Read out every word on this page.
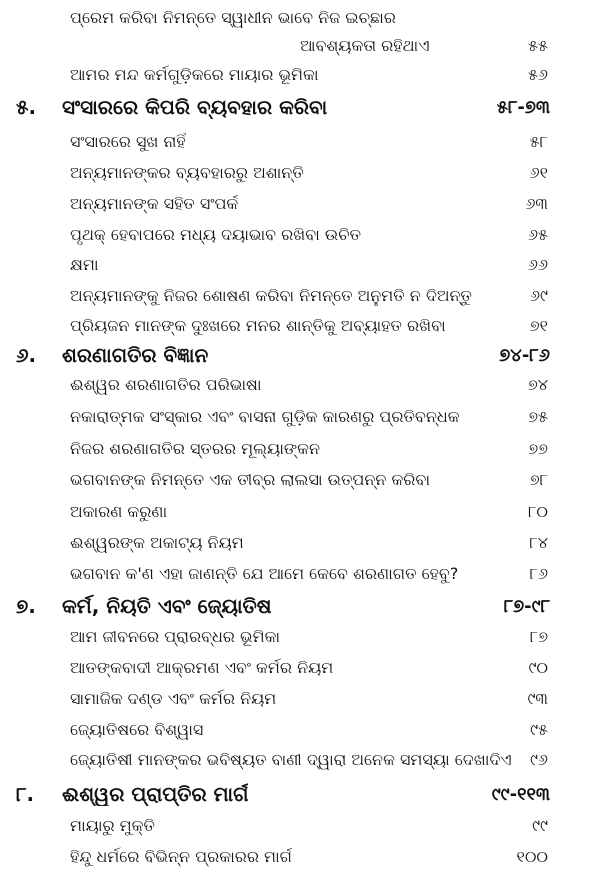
ପ୍ରେମ କରିବା ନିମନ୍ତେ ସ୍ୱାଧୀନ ଭାବେ ନିଜ ଇଚ୍ଛାର
ଆବଶ୍ୟକତା ରହିଥାଏ	୫୫
ଆମର ମନ୍ଦ କର୍ମଗୁଡ଼ିକରେ ମାୟାର ଭୂମିକା	୫୬
୫. ସଂସାରରେ କିପରି ବ୍ୟବହାର କରିବା	୫୮-୭୩
ସଂସାରରେ ସୁଖ ନାହିଁ	୫୮
ଅନ୍ୟମାନଙ୍କର ବ୍ୟବହାରରୁ ଅଶାନ୍ତି	୬୧
ଅନ୍ୟମାନଙ୍କ ସହିତ ସଂପର୍କ	୬୩
ପୃଥକ୍ ହେବାପରେ ମଧ୍ୟ ଦୟାଭାବ ରଖିବା ଉଚିତ	୬୫
କ୍ଷମା	୬୬
ଅନ୍ୟମାନଙ୍କୁ ନିଜର ଶୋଷଣ କରିବା ନିମନ୍ତେ ଅନୁମତି ନ ଦିଅନ୍ତୁ	୬୯
ପ୍ରିୟଜନ ମାନଙ୍କ ଦୁଃଖରେ ମନର ଶାନ୍ତିକୁ ଅବ୍ୟାହତ ରଖିବା	୭୧
୬. ଶରଣାଗତିର ବିଜ୍ଞାନ	୭୪-୮୬
ଈଶ୍ୱର ଶରଣାଗତିର ପରିଭାଷା	୭୪
ନକାରାତ୍ମକ ସଂସ୍କାର ଏବଂ ବାସନା ଗୁଡ଼ିକ କାରଣରୁ ପ୍ରତିବନ୍ଧକ	୭୫
ନିଜର ଶରଣାଗତିର ସ୍ତରର ମୂଲ୍ୟାଙ୍କନ	୭୭
ଭଗବାନଙ୍କ ନିମନ୍ତେ ଏକ ତୀବ୍ର ଲାଲସା ଉତ୍ପନ୍ନ କରିବା	୭୮
ଅକାରଣ କରୁଣା	୮୦
ଈଶ୍ୱରଙ୍କ ଅକାଟ୍ୟ ନିୟମ	୮୪
ଭଗବାନ କ'ଣ ଏହା ଜାଣନ୍ତି ଯେ ଆମେ କେବେ ଶରଣାଗତ ହେବୁ?	୮୬
୭. କର୍ମ, ନିୟତି ଏବଂ ଜ୍ୟୋତିଷ	୮୭-୯୮
ଆମ ଜୀବନରେ ପ୍ରାରବ୍ଧର ଭୂମିକା	୮୭
ଆତଙ୍କବାଦୀ ଆକ୍ରମଣ ଏବଂ କର୍ମର ନିୟମ	୯୦
ସାମାଜିକ ଦଣ୍ଡ ଏବଂ କର୍ମର ନିୟମ	୯୩
ଜ୍ୟୋତିଷରେ ବିଶ୍ୱାସ	୯୫
ଜ୍ୟୋତିଷୀ ମାନଙ୍କର ଭବିଷ୍ୟତ ବାଣୀ ଦ୍ୱାରା ଅନେକ ସମସ୍ୟା ଦେଖାଦିଏ ୯୬
୮. ଈଶ୍ୱର ପ୍ରାପ୍ତିର ମାର୍ଗ	୯୯-୧୧୩
ମାୟାରୁ ମୁକ୍ତି	୯୯
ହିନ୍ଦୁ ଧର୍ମରେ ବିଭିନ୍ନ ପ୍ରକାରର ମାର୍ଗ	୧୦୦
